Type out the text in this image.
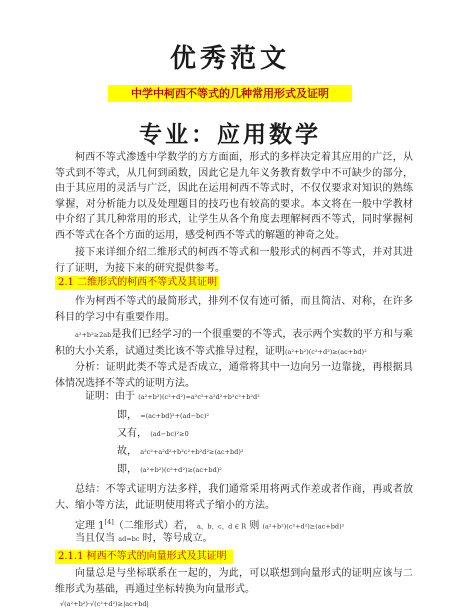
优秀范文
中学中柯西不等式的几种常用形式及证明
专业：应用数学

柯西不等式渗透中学数学的方方面面，形式的多样决定着其应用的广泛，从等式到不等式，从几何到函数，因此它是九年义务教育数学中不可缺少的部分，由于其应用的灵活与广泛，因此在运用柯西不等式时，不仅仅要求对知识的熟练掌握，对分析能力以及处理题目的技巧也有较高的要求。本文将在一般中学教材中介绍了其几种常用的形式，让学生从各个角度去理解柯西不等式，同时掌握柯西不等式在各个方面的运用，感受柯西不等式的解题的神奇之处。

接下来详细介绍二维形式的柯西不等式和一般形式的柯西不等式，并对其进行了证明，为接下来的研究提供参考。

2.1 二维形式的柯西不等式及其证明

作为柯西不等式的最简形式，排列不仅有迹可循，而且简洁、对称，在许多科目的学习中有重要作用。

a²+b²≥2ab是我们已经学习的一个很重要的不等式，表示两个实数的平方和与乘积的大小关系，试通过类比该不等式推导过程，证明(a²+b²)(c²+d²)≥(ac+bd)²

分析：证明此类不等式是否成立，通常将其中一边向另一边靠拢，再根据具体情况选择不等式的证明方法。

证明：由于 (a²+b²)(c²+d²)=a²c²+a²d²+b²c²+b²d²
即， =(ac+bd)²+(ad−bc)²
又有， (ad−bc)²≥0
故， a²c²+a²d²+b²c²+b²d²≥(ac+bd)²
即， (a²+b²)(c²+d²)≥(ac+bd)²

总结：不等式证明方法多样，我们通常采用将两式作差或者作商，再或者放大、缩小等方法，此证明使用将式子缩小的方法。

定理 1[4]（二维形式）若， a、b、c、d ∈ R 则 (a²+b²)(c²+d²)≥(ac+bd)²
当且仅当 ad=bc 时，等号成立。
2.1.1 柯西不等式的向量形式及其证明

向量总是与坐标联系在一起的，为此，可以联想到向量形式的证明应该与二维形式为基础，再通过坐标转换为向量形式。

√(a²+b²)·√(c²+d²)≥|ac+bd|
